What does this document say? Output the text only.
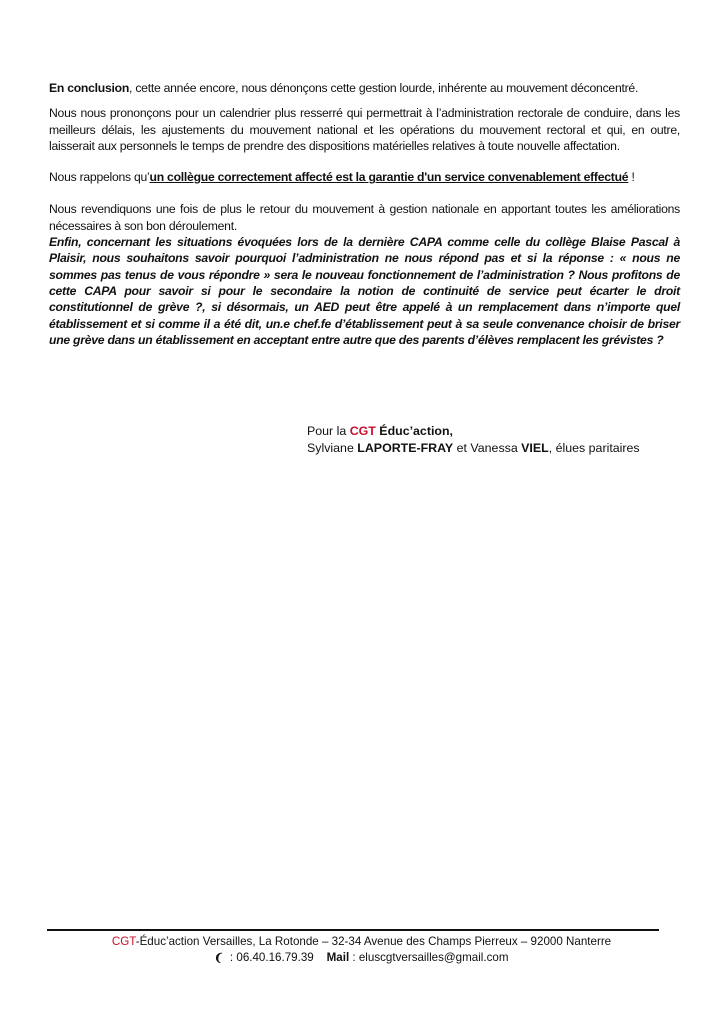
En conclusion, cette année encore, nous dénonçons cette gestion lourde, inhérente au mouvement déconcentré.

Nous nous prononçons pour un calendrier plus resserré qui permettrait à l’administration rectorale de conduire, dans les meilleurs délais, les ajustements du mouvement national et les opérations du mouvement rectoral et qui, en outre, laisserait aux personnels le temps de prendre des dispositions matérielles relatives à toute nouvelle affectation.

Nous rappelons qu’un collègue correctement affecté est la garantie d'un service convenablement effectué !

Nous revendiquons une fois de plus le retour du mouvement à gestion nationale en apportant toutes les améliorations nécessaires à son bon déroulement.

Enfin, concernant les situations évoquées lors de la dernière CAPA comme celle du collège Blaise Pascal à Plaisir, nous souhaitons savoir pourquoi l’administration ne nous répond pas et si la réponse : « nous ne sommes pas tenus de vous répondre » sera le nouveau fonctionnement de l’administration ? Nous profitons de cette CAPA pour savoir si pour le secondaire la notion de continuité de service peut écarter le droit constitutionnel de grève ?, si désormais, un AED peut être appelé à un remplacement dans n’importe quel établissement et si comme il a été dit, un.e chef.fe d’établissement peut à sa seule convenance choisir de briser une grève dans un établissement en acceptant entre autre que des parents d’élèves remplacent les grévistes ?

Pour la CGT Éduc’action,
Sylviane LAPORTE-FRAY et Vanessa VIEL, élues paritaires
CGT-Éduc’action Versailles, La Rotonde – 32-34 Avenue des Champs Pierreux – 92000 Nanterre
❨ : 06.40.16.79.39 Mail : eluscgtversailles@gmail.com
